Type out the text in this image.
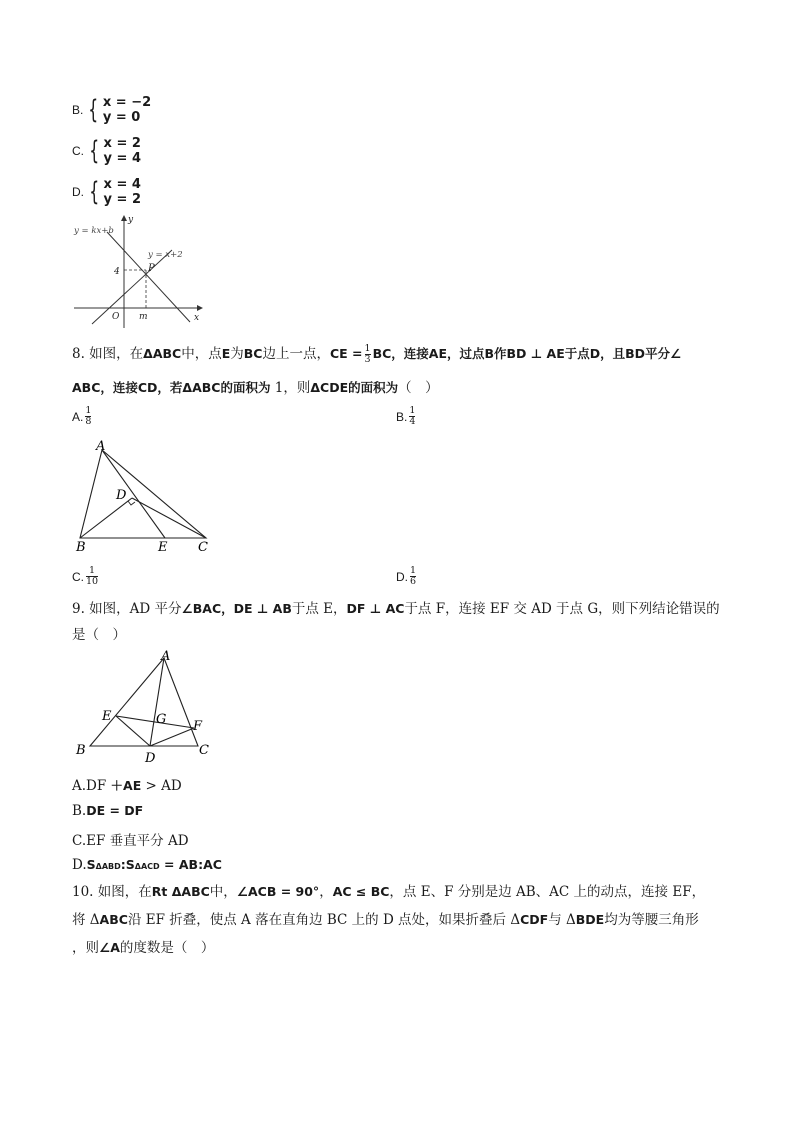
B. { x = −2
y = 0
C. { x = 2
y = 4
D. { x = 4
y = 2
y = kx+b
y = x+2
P
y
x
O m
4
8. 如图，在ΔABC中，点E为BC边上一点，CE = $\frac{1}{3}$ BC，连接AE，过点B作BD ⊥ AE于点D，且BD平分∠
ABC，连接CD，若ΔABC的面积为 1，则ΔCDE的面积为（　）
A. $\frac{1}{8}$	B. $\frac{1}{4}$
A
B	C
D
E
C. $\frac{1}{10}$	D. $\frac{1}{6}$
9. 如图，AD 平分∠BAC，DE ⊥ AB于点 E，DF ⊥ AC于点 F，连接 EF 交 AD 于点 G，则下列结论错误的
是（　）
A
B	C
D
E
F
G
A.DF ＋AE > AD
B.DE = DF
C.EF 垂直平分 AD
D.SΔABD:SΔACD = AB:AC
10. 如图，在Rt ΔABC中，∠ACB = 90°，AC ≤ BC，点 E、F 分别是边 AB、AC 上的动点，连接 EF，
将 ΔABC沿 EF 折叠，使点 A 落在直角边 BC 上的 D 点处，如果折叠后 ΔCDF与 ΔBDE均为等腰三角形
，则∠A的度数是（　）
